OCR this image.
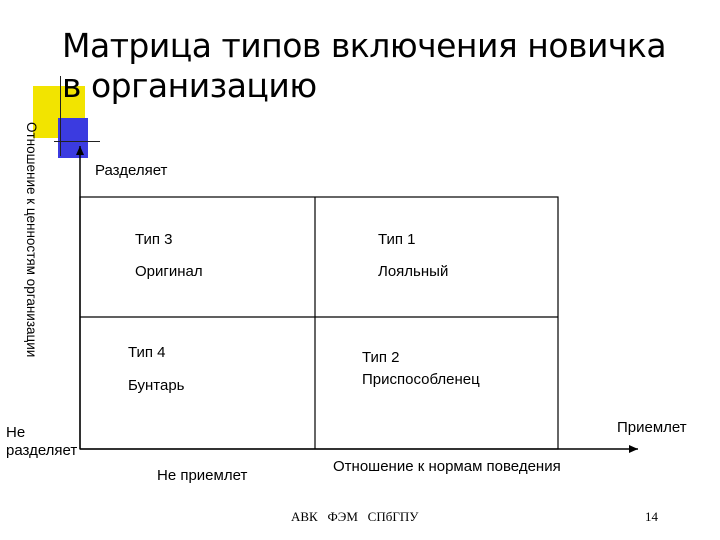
Матрица типов включения новичка
в организацию
Отношение к ценностям организации	Разделяет
Не
разделяет
Не приемлет
Приемлет
Отношение к нормам поведения
Тип 3
Оригинал
Тип 1
Лояльный
Тип 4
Бунтарь
Тип 2
Приспособленец
АВК   ФЭМ   СПбГПУ	14
